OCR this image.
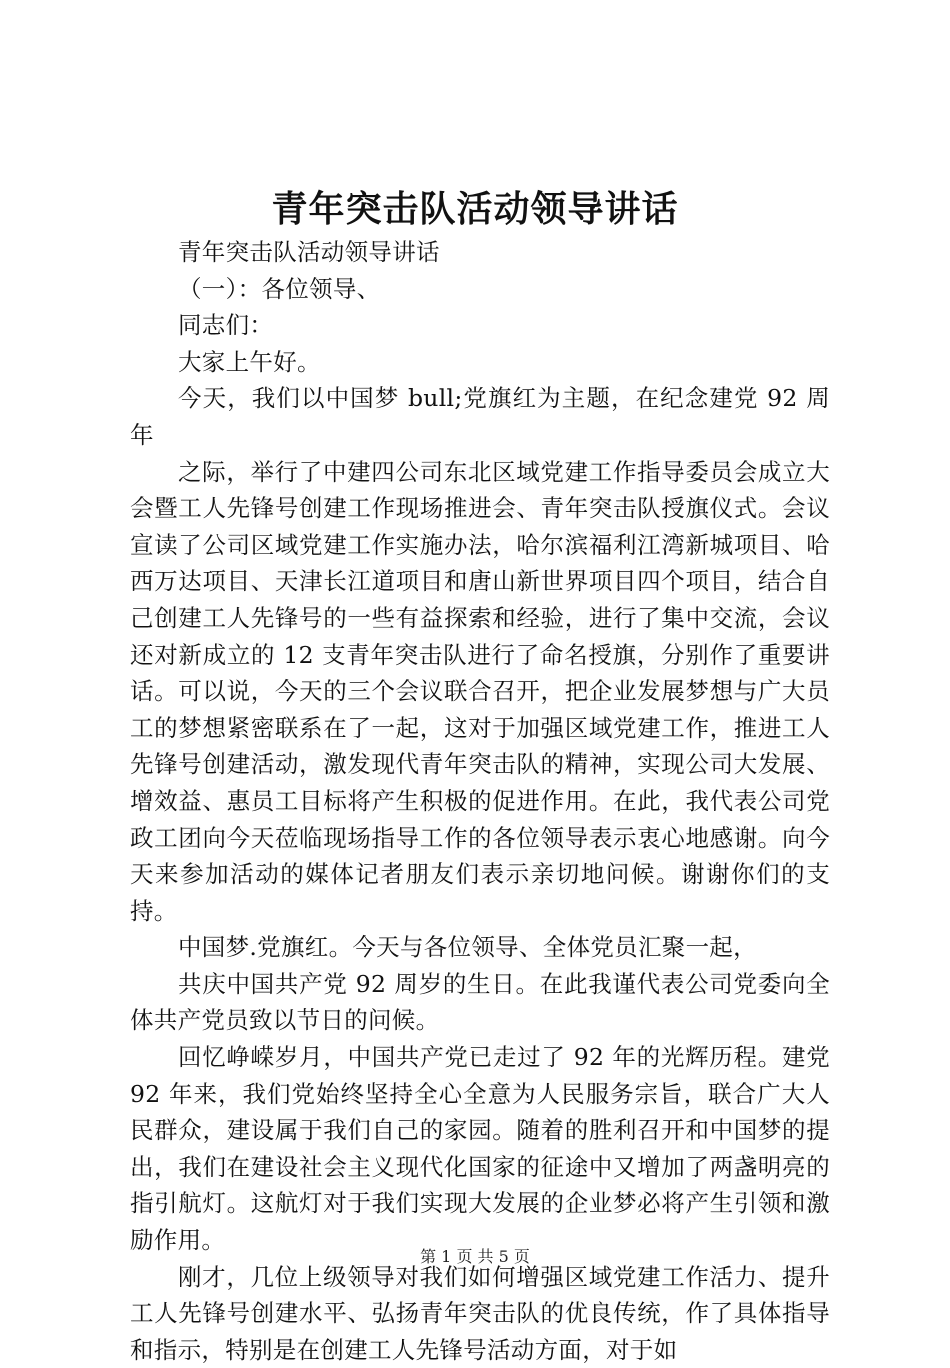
青年突击队活动领导讲话

青年突击队活动领导讲话

（一）：各位领导、

同志们：

大家上午好。

今天，我们以中国梦 bull;党旗红为主题，在纪念建党 92 周年

之际，举行了中建四公司东北区域党建工作指导委员会成立大会暨工人先锋号创建工作现场推进会、青年突击队授旗仪式。会议宣读了公司区域党建工作实施办法，哈尔滨福利江湾新城项目、哈西万达项目、天津长江道项目和唐山新世界项目四个项目，结合自己创建工人先锋号的一些有益探索和经验，进行了集中交流，会议还对新成立的 12 支青年突击队进行了命名授旗，分别作了重要讲话。可以说，今天的三个会议联合召开，把企业发展梦想与广大员工的梦想紧密联系在了一起，这对于加强区域党建工作，推进工人先锋号创建活动，激发现代青年突击队的精神，实现公司大发展、增效益、惠员工目标将产生积极的促进作用。在此，我代表公司党政工团向今天莅临现场指导工作的各位领导表示衷心地感谢。向今天来参加活动的媒体记者朋友们表示亲切地问候。谢谢你们的支持。

中国梦.党旗红。今天与各位领导、全体党员汇聚一起，

共庆中国共产党 92 周岁的生日。在此我谨代表公司党委向全体共产党员致以节日的问候。

回忆峥嵘岁月，中国共产党已走过了 92 年的光辉历程。建党 92 年来，我们党始终坚持全心全意为人民服务宗旨，联合广大人民群众，建设属于我们自己的家园。随着的胜利召开和中国梦的提出，我们在建设社会主义现代化国家的征途中又增加了两盏明亮的指引航灯。这航灯对于我们实现大发展的企业梦必将产生引领和激励作用。

刚才，几位上级领导对我们如何增强区域党建工作活力、提升工人先锋号创建水平、弘扬青年突击队的优良传统，作了具体指导和指示，特别是在创建工人先锋号活动方面，对于如

第 1 页 共 5 页
